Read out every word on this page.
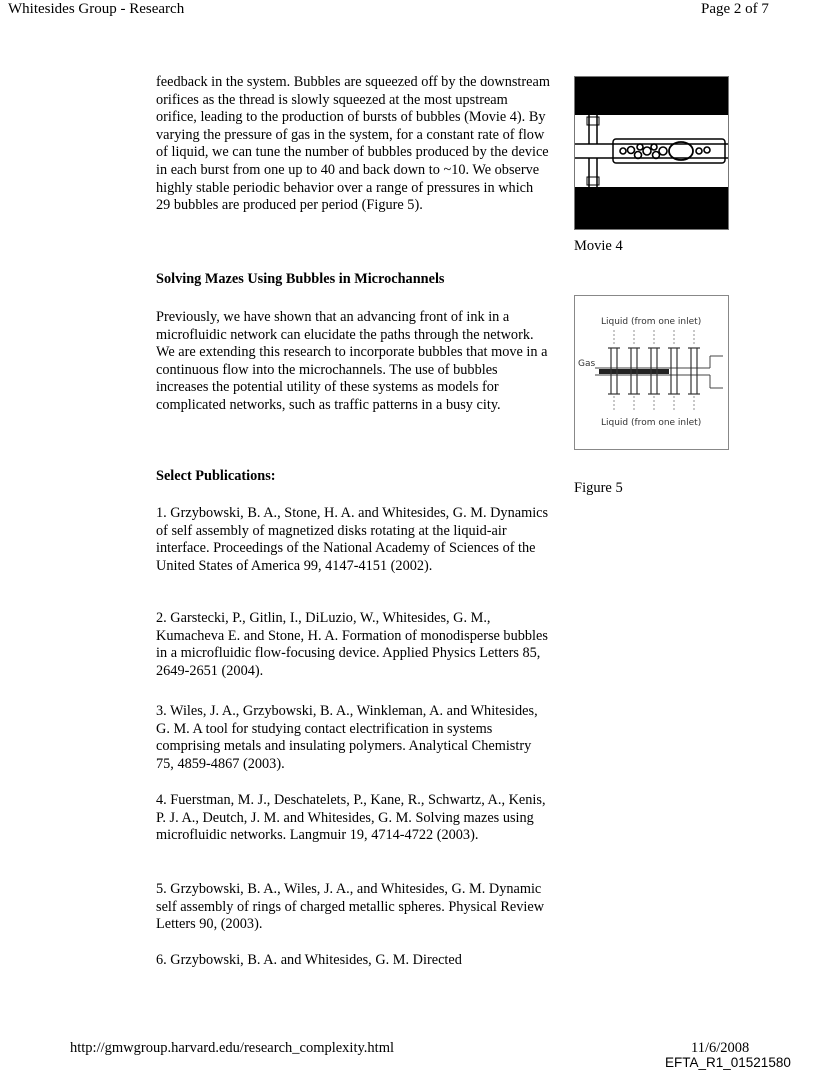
Whitesides Group - Research	Page 2 of 7

feedback in the system. Bubbles are squeezed off by the downstream orifices as the thread is slowly squeezed at the most upstream orifice, leading to the production of bursts of bubbles (Movie 4). By varying the pressure of gas in the system, for a constant rate of flow of liquid, we can tune the number of bubbles produced by the device in each burst from one up to 40 and back down to ~10. We observe highly stable periodic behavior over a range of pressures in which 29 bubbles are produced per period (Figure 5).

Solving Mazes Using Bubbles in Microchannels

Previously, we have shown that an advancing front of ink in a microfluidic network can elucidate the paths through the network. We are extending this research to incorporate bubbles that move in a continuous flow into the microchannels. The use of bubbles increases the potential utility of these systems as models for complicated networks, such as traffic patterns in a busy city.

Select Publications:

1. Grzybowski, B. A., Stone, H. A. and Whitesides, G. M. Dynamics of self assembly of magnetized disks rotating at the liquid-air interface. Proceedings of the National Academy of Sciences of the United States of America 99, 4147-4151 (2002).

2. Garstecki, P., Gitlin, I., DiLuzio, W., Whitesides, G. M., Kumacheva E. and Stone, H. A. Formation of monodisperse bubbles in a microfluidic flow-focusing device. Applied Physics Letters 85, 2649-2651 (2004).

3. Wiles, J. A., Grzybowski, B. A., Winkleman, A. and Whitesides, G. M. A tool for studying contact electrification in systems comprising metals and insulating polymers. Analytical Chemistry 75, 4859-4867 (2003).

4. Fuerstman, M. J., Deschatelets, P., Kane, R., Schwartz, A., Kenis, P. J. A., Deutch, J. M. and Whitesides, G. M. Solving mazes using microfluidic networks. Langmuir 19, 4714-4722 (2003).

5. Grzybowski, B. A., Wiles, J. A., and Whitesides, G. M. Dynamic self assembly of rings of charged metallic spheres. Physical Review Letters 90, (2003).

6. Grzybowski, B. A. and Whitesides, G. M. Directed

Movie 4
Liquid (from one inlet)
Gas
Liquid (from one inlet)
Figure 5
http://gmwgroup.harvard.edu/research_complexity.html	11/6/2008
EFTA_R1_01521580
